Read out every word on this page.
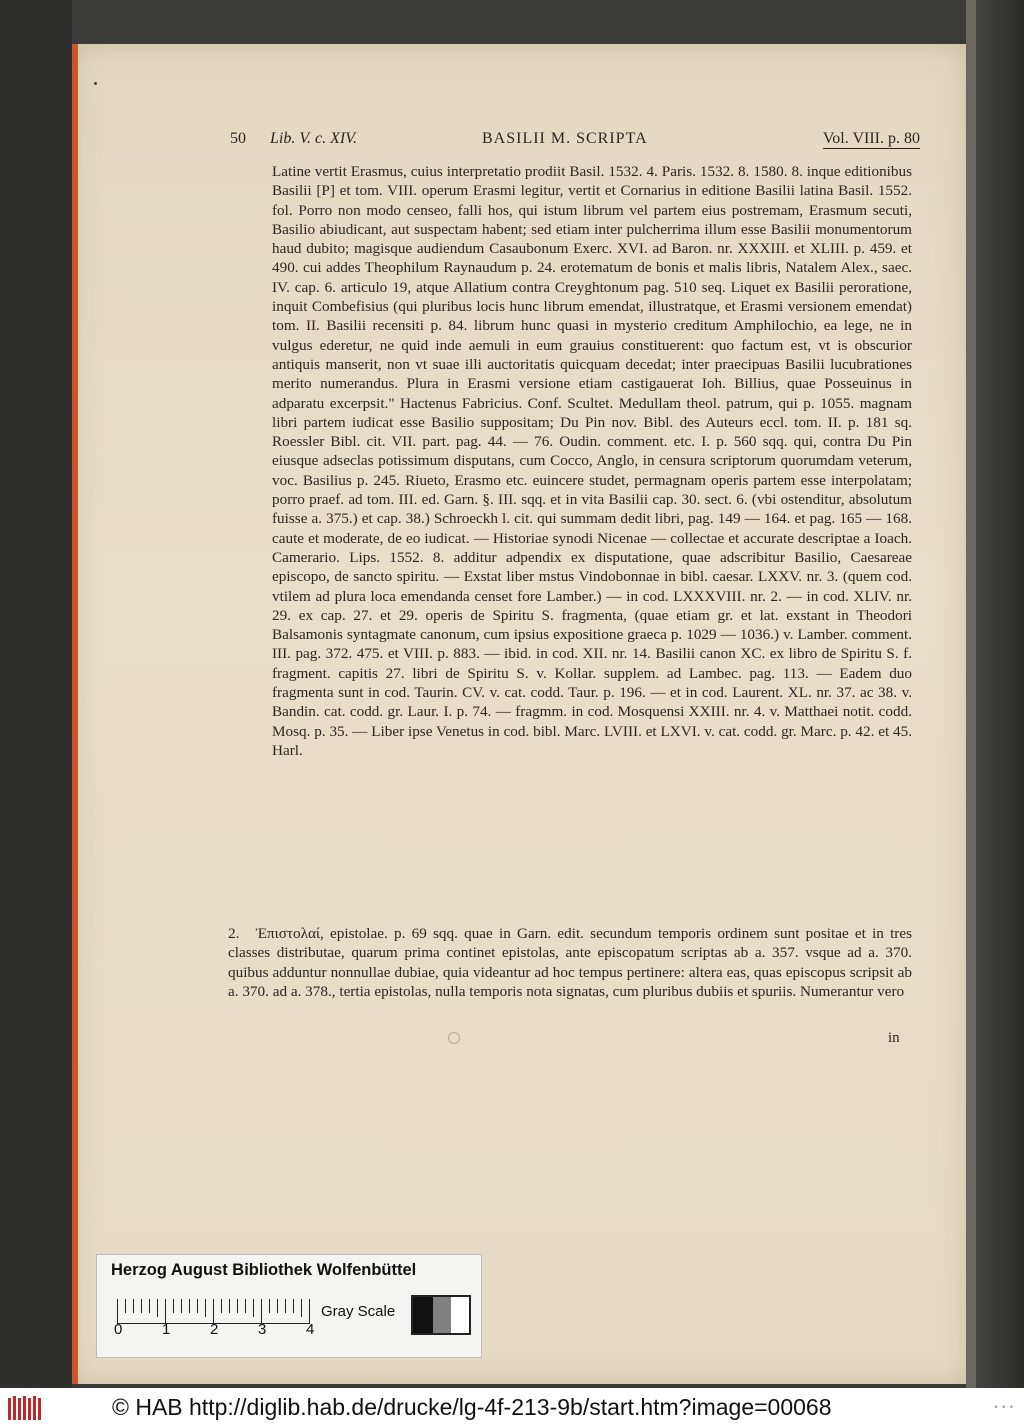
50 Lib. V. c. XIV.	BASILII M. SCRIPTA	Vol. VIII. p. 80
Latine vertit Erasmus, cuius interpretatio prodiit Basil. 1532. 4. Paris. 1532. 8. 1580. 8. inque editionibus Basilii [P] et tom. VIII. operum Erasmi legitur, vertit et Cornarius in editione Basilii latina Basil. 1552. fol. Porro non modo censeo, falli hos, qui istum librum vel partem eius postremam, Erasmum secuti, Basilio abiudicant, aut suspectam habent; sed etiam inter pulcherrima illum esse Basilii monumentorum haud dubito; magisque audiendum Casaubonum Exerc. XVI. ad Baron. nr. XXXIII. et XLIII. p. 459. et 490. cui addes Theophilum Raynaudum p. 24. erotematum de bonis et malis libris, Natalem Alex., saec. IV. cap. 6. articulo 19, atque Allatium contra Creyghtonum pag. 510 seq. Liquet ex Basilii peroratione, inquit Combefisius (qui pluribus locis hunc librum emendat, illustratque, et Erasmi versionem emendat) tom. II. Basilii recensiti p. 84. librum hunc quasi in mysterio creditum Amphilochio, ea lege, ne in vulgus ederetur, ne quid inde aemuli in eum grauius constituerent: quo factum est, vt is obscurior antiquis manserit, non vt suae illi auctoritatis quicquam decedat; inter praecipuas Basilii lucubrationes merito numerandus. Plura in Erasmi versione etiam castigauerat Ioh. Billius, quae Posseuinus in adparatu excerpsit." Hactenus Fabricius. Conf. Scultet. Medullam theol. patrum, qui p. 1055. magnam libri partem iudicat esse Basilio suppositam; Du Pin nov. Bibl. des Auteurs eccl. tom. II. p. 181 sq. Roessler Bibl. cit. VII. part. pag. 44. — 76. Oudin. comment. etc. I. p. 560 sqq. qui, contra Du Pin eiusque adseclas potissimum disputans, cum Cocco, Anglo, in censura scriptorum quorumdam veterum, voc. Basilius p. 245. Riueto, Erasmo etc. euincere studet, permagnam operis partem esse interpolatam; porro praef. ad tom. III. ed. Garn. §. III. sqq. et in vita Basilii cap. 30. sect. 6. (vbi ostenditur, absolutum fuisse a. 375.) et cap. 38.) Schroeckh l. cit. qui summam dedit libri, pag. 149 — 164. et pag. 165 — 168. caute et moderate, de eo iudicat. — Historiae synodi Nicenae — collectae et accurate descriptae a Ioach. Camerario. Lips. 1552. 8. additur adpendix ex disputatione, quae adscribitur Basilio, Caesareae episcopo, de sancto spiritu. — Exstat liber mstus Vindobonnae in bibl. caesar. LXXV. nr. 3. (quem cod. vtilem ad plura loca emendanda censet fore Lamber.) — in cod. LXXXVIII. nr. 2. — in cod. XLIV. nr. 29. ex cap. 27. et 29. operis de Spiritu S. fragmenta, (quae etiam gr. et lat. exstant in Theodori Balsamonis syntagmate canonum, cum ipsius expositione graeca p. 1029 — 1036.) v. Lamber. comment. III. pag. 372. 475. et VIII. p. 883. — ibid. in cod. XII. nr. 14. Basilii canon XC. ex libro de Spiritu S. f. fragment. capitis 27. libri de Spiritu S. v. Kollar. supplem. ad Lambec. pag. 113. — Eadem duo fragmenta sunt in cod. Taurin. CV. v. cat. codd. Taur. p. 196. — et in cod. Laurent. XL. nr. 37. ac 38. v. Bandin. cat. codd. gr. Laur. I. p. 74. — fragmm. in cod. Mosquensi XXIII. nr. 4. v. Matthaei notit. codd. Mosq. p. 35. — Liber ipse Venetus in cod. bibl. Marc. LVIII. et LXVI. v. cat. codd. gr. Marc. p. 42. et 45. Harl.
2. Ἐπιστολαί, epistolae. p. 69 sqq. quae in Garn. edit. secundum temporis ordinem sunt positae et in tres classes distributae, quarum prima continet epistolas, ante episcopatum scriptas ab a. 357. vsque ad a. 370. quibus adduntur nonnullae dubiae, quia videantur ad hoc tempus pertinere: altera eas, quas episcopus scripsit ab a. 370. ad a. 378., tertia epistolas, nulla temporis nota signatas, cum pluribus dubiis et spuriis. Numerantur vero
in
Herzog August Bibliothek Wolfenbüttel
0	1	2	3	4
Gray Scale
© HAB http://diglib.hab.de/drucke/lg-4f-213-9b/start.htm?image=00068	• • •
